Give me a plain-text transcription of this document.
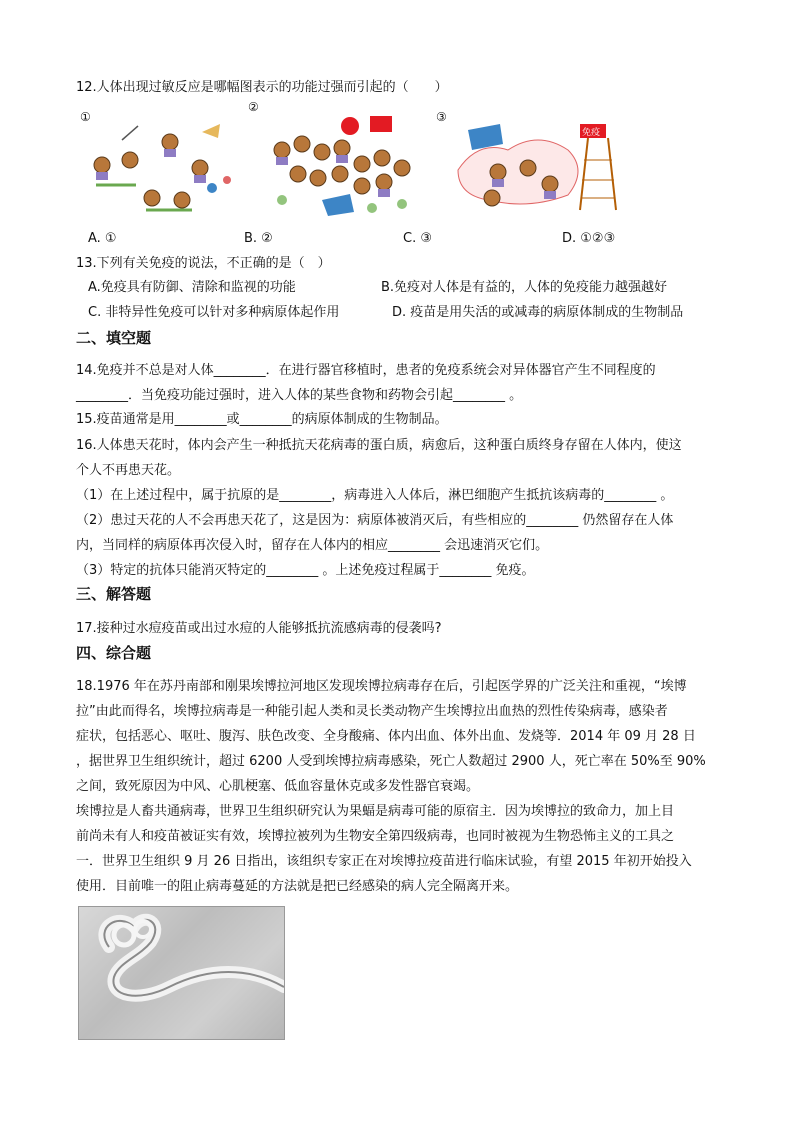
12.人体出现过敏反应是哪幅图表示的功能过强而引起的（　　）
①
②
③
免疫
A. ①	B. ②	C. ③	D. ①②③
13.下列有关免疫的说法，不正确的是（　）
A.免疫具有防御、清除和监视的功能	B.免疫对人体是有益的，人体的免疫能力越强越好
C. 非特异性免疫可以针对多种病原体起作用	D. 疫苗是用失活的或减毒的病原体制成的生物制品
二、填空题
14.免疫并不总是对人体________．在进行器官移植时，患者的免疫系统会对异体器官产生不同程度的
________．当免疫功能过强时，进入人体的某些食物和药物会引起________ 。
15.疫苗通常是用________或________的病原体制成的生物制品。
16.人体患天花时，体内会产生一种抵抗天花病毒的蛋白质，病愈后，这种蛋白质终身存留在人体内，使这
个人不再患天花。
（1）在上述过程中，属于抗原的是________，病毒进入人体后，淋巴细胞产生抵抗该病毒的________ 。
（2）患过天花的人不会再患天花了，这是因为：病原体被消灭后，有些相应的________ 仍然留存在人体
内，当同样的病原体再次侵入时，留存在人体内的相应________ 会迅速消灭它们。
（3）特定的抗体只能消灭特定的________ 。上述免疫过程属于________ 免疫。
三、解答题
17.接种过水痘疫苗或出过水痘的人能够抵抗流感病毒的侵袭吗?
四、综合题
18.1976 年在苏丹南部和刚果埃博拉河地区发现埃博拉病毒存在后，引起医学界的广泛关注和重视，“埃博
拉”由此而得名，埃博拉病毒是一种能引起人类和灵长类动物产生埃博拉出血热的烈性传染病毒，感染者
症状，包括恶心、呕吐、腹泻、肤色改变、全身酸痛、体内出血、体外出血、发烧等．2014 年 09 月 28 日
，据世界卫生组织统计，超过 6200 人受到埃博拉病毒感染，死亡人数超过 2900 人，死亡率在 50%至 90%
之间，致死原因为中风、心肌梗塞、低血容量休克或多发性器官衰竭。
埃博拉是人畜共通病毒，世界卫生组织研究认为果蝠是病毒可能的原宿主．因为埃博拉的致命力，加上目
前尚未有人和疫苗被证实有效，埃博拉被列为生物安全第四级病毒，也同时被视为生物恐怖主义的工具之
一．世界卫生组织 9 月 26 日指出，该组织专家正在对埃博拉疫苗进行临床试验，有望 2015 年初开始投入
使用．目前唯一的阻止病毒蔓延的方法就是把已经感染的病人完全隔离开来。
